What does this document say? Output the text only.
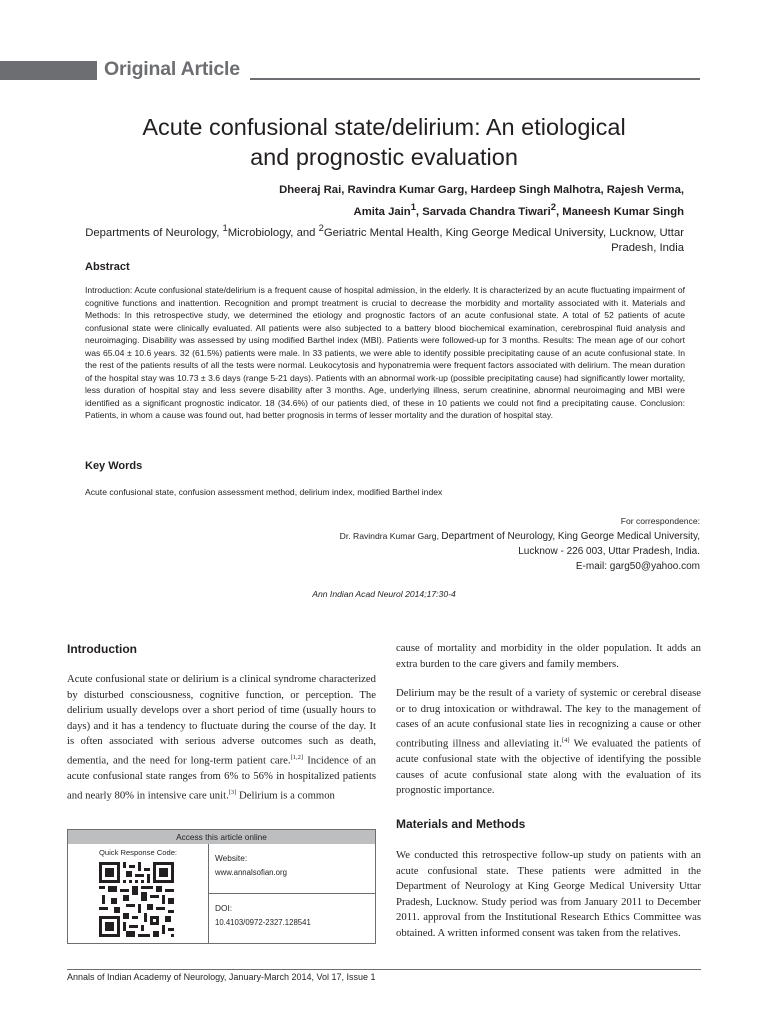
Original Article
Acute confusional state/delirium: An etiological
and prognostic evaluation
Dheeraj Rai, Ravindra Kumar Garg, Hardeep Singh Malhotra, Rajesh Verma,
Amita Jain$^1$, Sarvada Chandra Tiwari$^2$, Maneesh Kumar Singh
Departments of Neurology, $^1$Microbiology, and $^2$Geriatric Mental Health, King George Medical University, Lucknow, Uttar
Pradesh, India
Abstract
Introduction: Acute confusional state/delirium is a frequent cause of hospital admission, in the elderly. It is characterized by an acute fluctuating impairment of cognitive functions and inattention. Recognition and prompt treatment is crucial to decrease the morbidity and mortality associated with it. Materials and Methods: In this retrospective study, we determined the etiology and prognostic factors of an acute confusional state. A total of 52 patients of acute confusional state were clinically evaluated. All patients were also subjected to a battery blood biochemical examination, cerebrospinal fluid analysis and neuroimaging. Disability was assessed by using modified Barthel index (MBI). Patients were followed-up for 3 months. Results: The mean age of our cohort was 65.04 ± 10.6 years. 32 (61.5%) patients were male. In 33 patients, we were able to identify possible precipitating cause of an acute confusional state. In the rest of the patients results of all the tests were normal. Leukocytosis and hyponatremia were frequent factors associated with delirium. The mean duration of the hospital stay was 10.73 ± 3.6 days (range 5-21 days). Patients with an abnormal work-up (possible precipitating cause) had significantly lower mortality, less duration of hospital stay and less severe disability after 3 months. Age, underlying illness, serum creatinine, abnormal neuroimaging and MBI were identified as a significant prognostic indicator. 18 (34.6%) of our patients died, of these in 10 patients we could not find a precipitating cause. Conclusion: Patients, in whom a cause was found out, had better prognosis in terms of lesser mortality and the duration of hospital stay.
Key Words
Acute confusional state, confusion assessment method, delirium index, modified Barthel index
For correspondence:
Dr. Ravindra Kumar Garg, Department of Neurology, King George Medical University,
Lucknow - 226 003, Uttar Pradesh, India.
E-mail: garg50@yahoo.com
Ann Indian Acad Neurol 2014;17:30-4
Introduction
Acute confusional state or delirium is a clinical syndrome characterized by disturbed consciousness, cognitive function, or perception. The delirium usually develops over a short period of time (usually hours to days) and it has a tendency to fluctuate during the course of the day. It is often associated with serious adverse outcomes such as death, dementia, and the need for long-term patient care.[1,2] Incidence of an acute confusional state ranges from 6% to 56% in hospitalized patients and nearly 80% in intensive care unit.[3] Delirium is a common
cause of mortality and morbidity in the older population. It adds an extra burden to the care givers and family members.
Delirium may be the result of a variety of systemic or cerebral disease or to drug intoxication or withdrawal. The key to the management of cases of an acute confusional state lies in recognizing a cause or other contributing illness and alleviating it.[4] We evaluated the patients of acute confusional state with the objective of identifying the possible causes of acute confusional state along with the evaluation of its prognostic importance.
Materials and Methods
We conducted this retrospective follow-up study on patients with an acute confusional state. These patients were admitted in the Department of Neurology at King George Medical University Uttar Pradesh, Lucknow. Study period was from January 2011 to December 2011. approval from the Institutional Research Ethics Committee was obtained. A written informed consent was taken from the relatives.
Access this article online
Quick Response Code:
Website:
www.annalsofian.org
DOI:
10.4103/0972-2327.128541
Annals of Indian Academy of Neurology, January-March 2014, Vol 17, Issue 1
